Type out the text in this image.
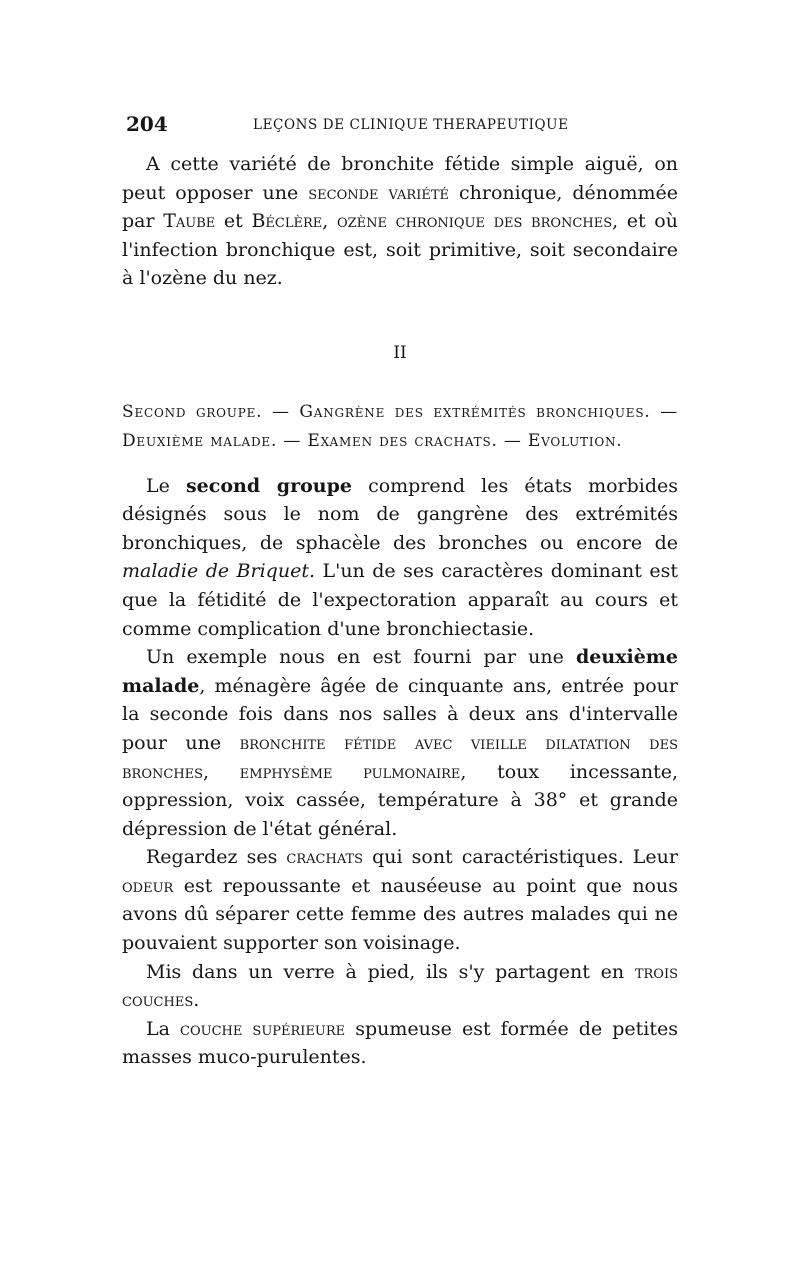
204	LEÇONS DE CLINIQUE THERAPEUTIQUE

A cette variété de bronchite fétide simple aiguë, on peut opposer une seconde variété chronique, dénommée par Taube et Béclère, ozène chronique des bronches, et où l'infection bronchique est, soit primitive, soit secondaire à l'ozène du nez.

II

Second groupe. — Gangrène des extrémités bronchiques. — Deuxième malade. — Examen des crachats. — Evolution.

Le second groupe comprend les états morbides désignés sous le nom de gangrène des extrémités bronchiques, de sphacèle des bronches ou encore de maladie de Briquet. L'un de ses caractères dominant est que la fétidité de l'expectoration apparaît au cours et comme complication d'une bronchiectasie.

Un exemple nous en est fourni par une deuxième malade, ménagère âgée de cinquante ans, entrée pour la seconde fois dans nos salles à deux ans d'intervalle pour une bronchite fétide avec vieille dilatation des bronches, emphysème pulmonaire, toux incessante, oppression, voix cassée, température à 38° et grande dépression de l'état général.

Regardez ses crachats qui sont caractéristiques. Leur odeur est repoussante et nauséeuse au point que nous avons dû séparer cette femme des autres malades qui ne pouvaient supporter son voisinage.

Mis dans un verre à pied, ils s'y partagent en trois couches.

La couche supérieure spumeuse est formée de petites masses muco-purulentes.
